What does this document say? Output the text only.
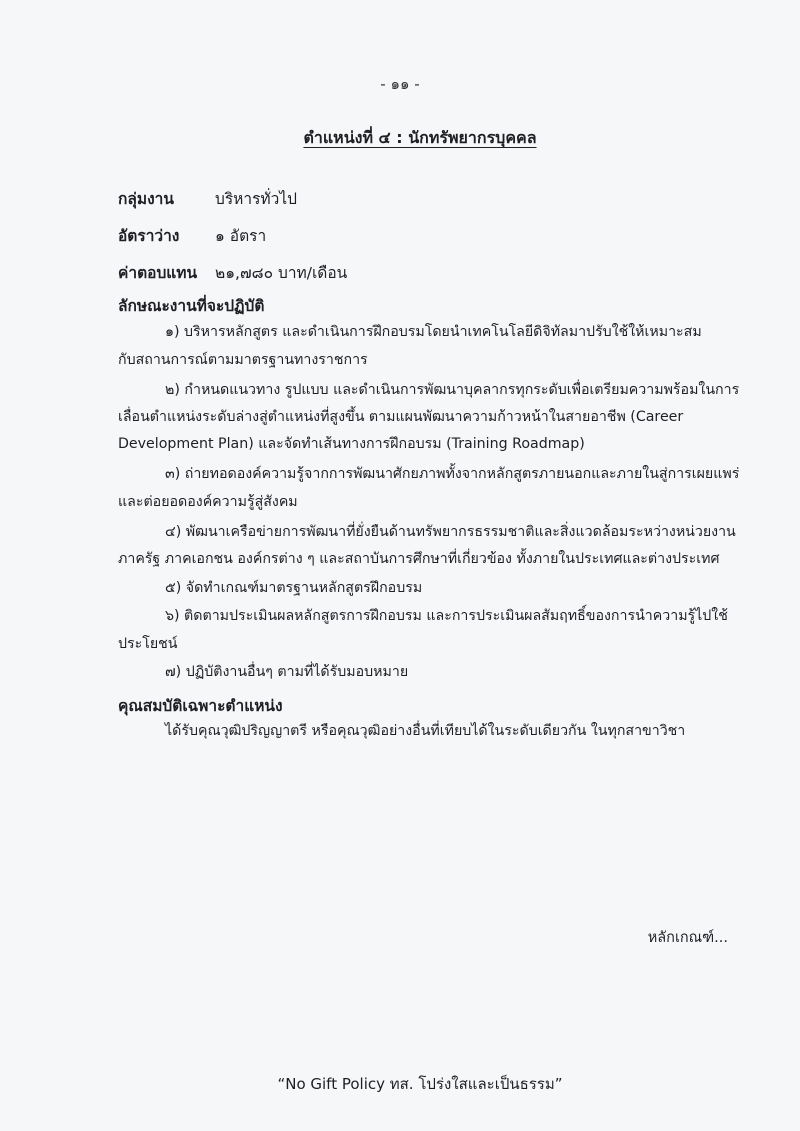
- ๑๑ -
ตำแหน่งที่ ๔ : นักทรัพยากรบุคคล
กลุ่มงาน	บริหารทั่วไป
อัตราว่าง ๑ อัตรา
ค่าตอบแทน ๒๑,๗๘๐ บาท/เดือน
ลักษณะงานที่จะปฏิบัติ
๑) บริหารหลักสูตร และดำเนินการฝึกอบรมโดยนำเทคโนโลยีดิจิทัลมาปรับใช้ให้เหมาะสม
กับสถานการณ์ตามมาตรฐานทางราชการ
๒) กำหนดแนวทาง รูปแบบ และดำเนินการพัฒนาบุคลากรทุกระดับเพื่อเตรียมความพร้อมในการ
เลื่อนตำแหน่งระดับล่างสู่ตำแหน่งที่สูงขึ้น ตามแผนพัฒนาความก้าวหน้าในสายอาชีพ (Career
Development Plan) และจัดทำเส้นทางการฝึกอบรม (Training Roadmap)
๓) ถ่ายทอดองค์ความรู้จากการพัฒนาศักยภาพทั้งจากหลักสูตรภายนอกและภายในสู่การเผยแพร่
และต่อยอดองค์ความรู้สู่สังคม
๔) พัฒนาเครือข่ายการพัฒนาที่ยั่งยืนด้านทรัพยากรธรรมชาติและสิ่งแวดล้อมระหว่างหน่วยงาน
ภาครัฐ ภาคเอกชน องค์กรต่าง ๆ และสถาบันการศึกษาที่เกี่ยวข้อง ทั้งภายในประเทศและต่างประเทศ
๕) จัดทำเกณฑ์มาตรฐานหลักสูตรฝึกอบรม
๖) ติดตามประเมินผลหลักสูตรการฝึกอบรม และการประเมินผลสัมฤทธิ์ของการนำความรู้ไปใช้
ประโยชน์
๗) ปฏิบัติงานอื่นๆ ตามที่ได้รับมอบหมาย
คุณสมบัติเฉพาะตำแหน่ง
ได้รับคุณวุฒิปริญญาตรี หรือคุณวุฒิอย่างอื่นที่เทียบได้ในระดับเดียวกัน ในทุกสาขาวิชา
หลักเกณฑ์...
“No Gift Policy ทส. โปร่งใสและเป็นธรรม”
